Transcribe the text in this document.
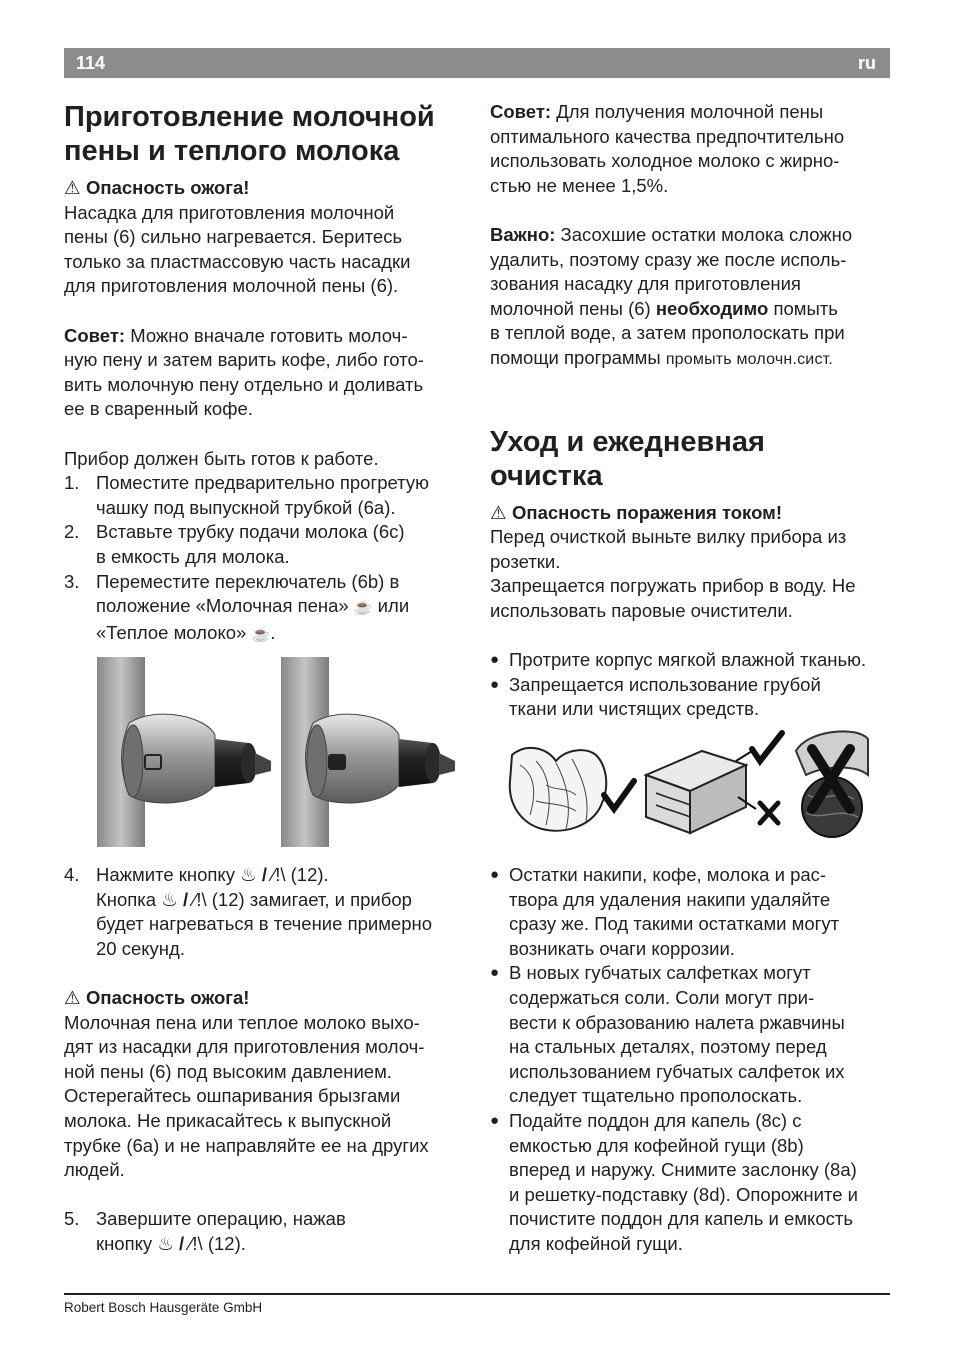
114	ru
Приготовление молочной
пены и теплого молока

⚠ Опасность ожога!

Насадка для приготовления молочной

пены (6) сильно нагревается. Беритесь

только за пластмассовую часть насадки

для приготовления молочной пены (6).

Совет: Можно вначале готовить молоч-

ную пену и затем варить кофе, либо гото-

вить молочную пену отдельно и доливать

ее в сваренный кофе.

Прибор должен быть готов к работе.

1. Поместите предварительно прогретую
чашку под выпускной трубкой (6a).
2. Вставьте трубку подачи молока (6c)
в емкость для молока.
3. Переместите переключатель (6b) в
положение «Молочная пена» ☕ или
«Теплое молоко» ☕.
4. Нажмите кнопку ♨ / ⁄!\ (12).
Кнопка ♨ / ⁄!\ (12) замигает, и прибор
будет нагреваться в течение примерно
20 секунд.

⚠ Опасность ожога!

Молочная пена или теплое молоко выхо-

дят из насадки для приготовления молоч-

ной пены (6) под высоким давлением.

Остерегайтесь ошпаривания брызгами

молока. Не прикасайтесь к выпускной

трубке (6a) и не направляйте ее на других

людей.

5. Завершите операцию, нажав
кнопку ♨ / ⁄!\ (12).

Совет: Для получения молочной пены

оптимального качества предпочтительно

использовать холодное молоко с жирно-

стью не менее 1,5%.

Важно: Засохшие остатки молока сложно

удалить, поэтому сразу же после исполь-

зования насадку для приготовления

молочной пены (6) необходимо помыть

в теплой воде, а затем прополоскать при

помощи программы промыть молочн.сист.

Уход и ежедневная
очистка

⚠ Опасность поражения током!

Перед очисткой выньте вилку прибора из

розетки.

Запрещается погружать прибор в воду. Не

использовать паровые очистители.

● Протрите корпус мягкой влажной тканью.
● Запрещается использование грубой
ткани или чистящих средств.
● Остатки накипи, кофе, молока и рас-
твора для удаления накипи удаляйте
сразу же. Под такими остатками могут
возникать очаги коррозии.
● В новых губчатых салфетках могут
содержаться соли. Соли могут при-
вести к образованию налета ржавчины
на стальных деталях, поэтому перед
использованием губчатых салфеток их
следует тщательно прополоскать.
● Подайте поддон для капель (8c) с
емкостью для кофейной гущи (8b)
вперед и наружу. Снимите заслонку (8a)
и решетку-подставку (8d). Опорожните и
почистите поддон для капель и емкость
для кофейной гущи.
Robert Bosch Hausgeräte GmbH
